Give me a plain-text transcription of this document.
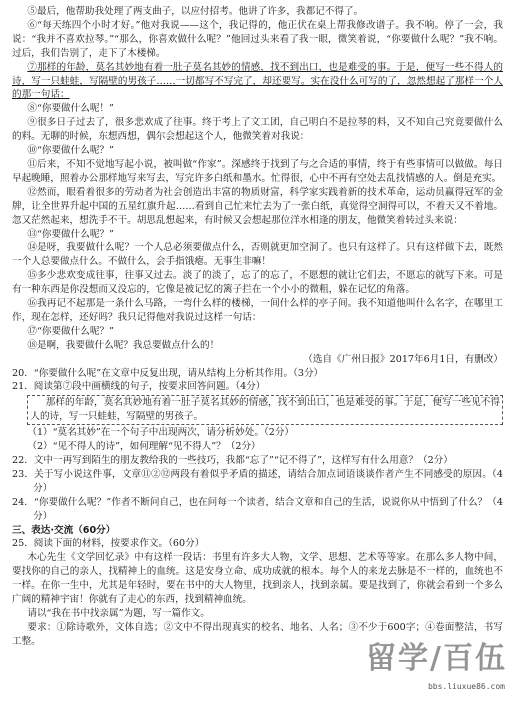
⑤最后，他帮助我处理了两支曲子，以应付招考。他讲了许多，我都记不得了。

⑥“每天练四个小时才好。”他对我说——这个，我记得的，他正伏在桌上帮我修改谱子。我不响。停了一会，我说：“我并不喜欢拉琴。”“那么，你喜欢做什么呢？”他回过头来看了我一眼，微笑着说，“你要做什么呢？”我不响。过后，我们告别了，走下了木楼梯。

⑦那样的年龄，莫名其妙地有着一肚子莫名其妙的情感，找不到出口，也是难受的事。于是，便写一些不得人的诗，写一只蛙蛙，写隔壁的男孩子……一切都写不写完了，却还要写。实在没什么可写的了，忽然想起了那样一个人的那一句话：

⑧“你要做什么呢！”

⑨很多日子过去了，很多悲欢成了往事。终于考上了文工团，自己明白不是拉琴的料，又不知自己究竟要做什么的料。无聊的时候，东想西想，偶尔会想起这个人，他微笑着对我说：

⑩“你要做什么呢？”

⑪后来，不知不觉地写起小说，被叫做“作家”。深感终于找到了与之合适的事情，终于有些事情可以做做。每日早起晚睡，照着办公那样地写来写去，写完许多白纸和墨水。忙得很，心中不再有空处去乱找情感的人。倒是充实。

⑫然而，眼看着很多的劳动者为社会创造出丰富的物质财富，科学家实践着新的技术革命，运动员赢得冠军的金牌，让全世界升起中国的五星红旗升起……看到自己忙来忙去为了一张白纸，真觉得空洞得可以，不着天又不着地。忽又茫然起来，想洗手不干。胡思乱想起来，有时候又会想起那位洋水相逢的朋友，他微笑着转过头来说：

⑬“你要做什么呢？”

⑭是呀，我要做什么呢？一个人总必须要做点什么，否则就更加空洞了。也只有这样了。只有这样做下去，既然一个人总要做点什么。不做什么，会手指饿瘪。无事生非嘛！

⑮多少悲欢变成往事，往事又过去。淡了的淡了，忘了的忘了，不愿想的就让它们去，不愿忘的就写下来。可是有一种东西是你没想而又没忘的，它像是被记忆的篱子拦在一个小小的微粗，躲在记忆的角落。

⑯我再记不起那是一条什么马路，一弯什么样的楼梯，一间什么样的亭子间。我不知道他叫什么名字，在哪里工作，现在怎样，还好吗？我只记得他对我说过这样一句话：

⑰“你要做什么呢？”

⑱是啊，我要做什么呢？我总要做点什么的！

（选自《广州日报》2017年6月1日，有删改）

20．“你要做什么呢”在文章中反复出现，请从结构上分析其作用。（3分）

21．阅读第⑦段中画横线的句子，按要求回答问题。（4分）

那样的年龄，莫名其妙地有着一肚子莫名其妙的情感，找不到出口，也是难受的事。于是，便写一些见不得人的诗，写一只蛙蛙，写隔壁的男孩子。

（1）“莫名其妙”在一个句子中出现两次，请分析妙处。（2分）

（2）“见不得人的诗”，如何理解“见不得人”？（2分）

22．文中一再写到陌生的朋友教给我的一些技巧，我都“忘了”“记不得了”，这样写有什么用意？（2分）

23．关于写小说这件事，文章⑪②⑫两段有着似乎矛盾的描述，请结合加点词语谈谈作者产生不同感受的原因。（4分）

24．“你要做什么呢？”作者不断问自己，也在问每一个读者，结合文章和自己的生活，说说你从中悟到了什么？（4分）

三、表达·交流（60分）

25．阅读下面的材料，按要求作文。（60分）

木心先生《文学回忆录》中有这样一段话：书里有许多大人物，文学、思想、艺术等等家。在那么多人物中间，要找你的自己的亲人，找精神上的血统。这是安身立命、成功成就的根本。每个人的来龙去脉是不一样的，血统也不一样。在你一生中，尤其是年轻时，要在书中的大人物里，找到亲人，找到亲属。要是找到了，你就会看到一个多么广阔的精神宇宙！你就有了走心的东西，找到精神血统。

请以“我在书中找亲属”为题，写一篇作文。

要求：①除诗歌外，文体自选；②文中不得出现真实的校名、地名、人名；③不少于600字；④卷面整洁，书写工整。	留学/百伍
bbs.liuxue86.com
